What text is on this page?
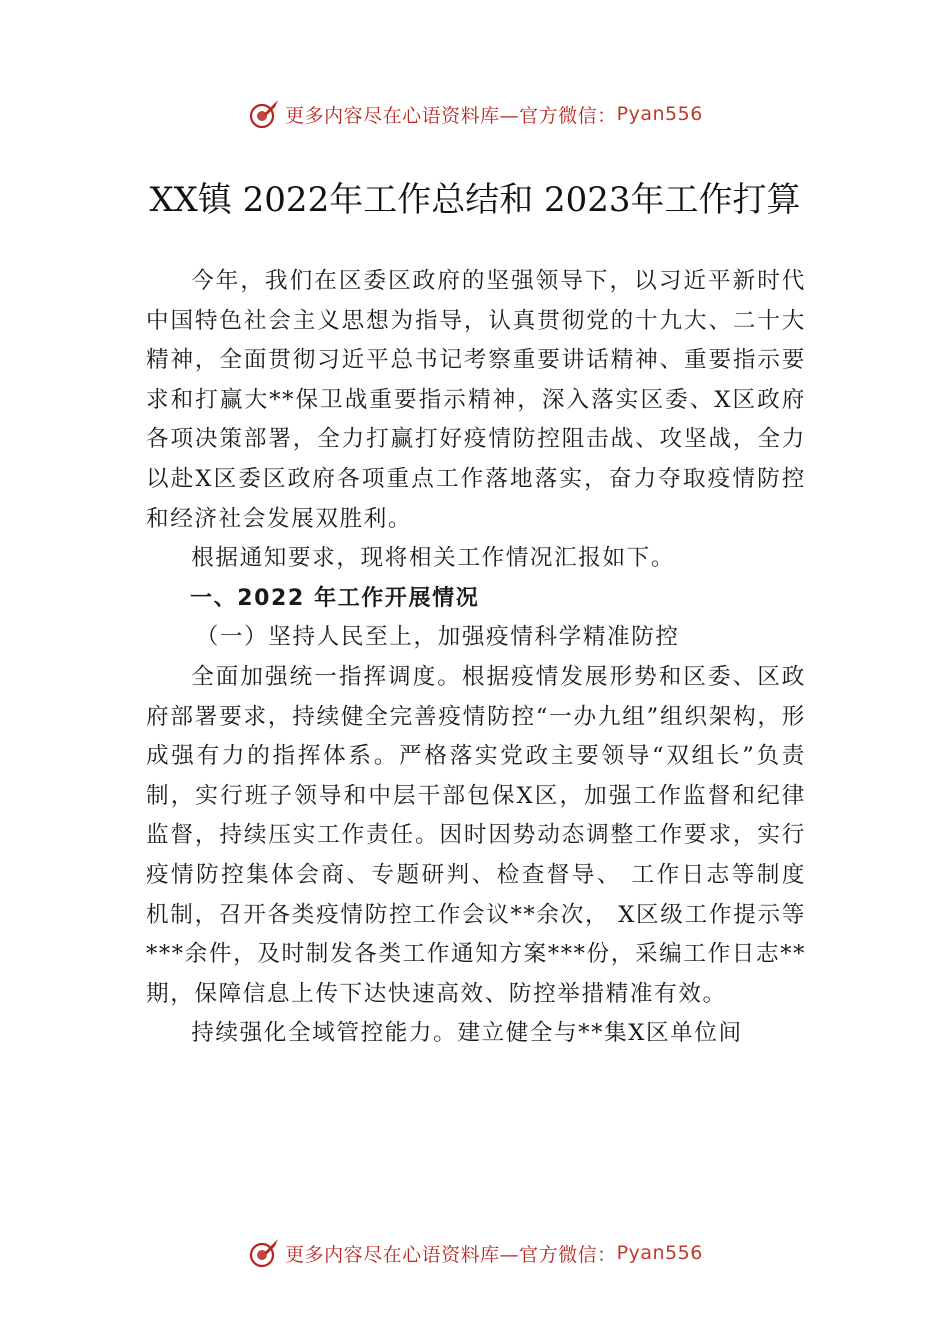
更多内容尽在心语资料库—官方微信： Pyan556
XX镇 2022年工作总结和 2023年工作打算

今年，我们在区委区政府的坚强领导下，以习近平新时代中国特色社会主义思想为指导，认真贯彻党的十九大、二十大精神，全面贯彻习近平总书记考察重要讲话精神、重要指示要求和打赢大**保卫战重要指示精神，深入落实区委、X区政府各项决策部署，全力打赢打好疫情防控阻击战、攻坚战，全力以赴X区委区政府各项重点工作落地落实，奋力夺取疫情防控和经济社会发展双胜利。

根据通知要求，现将相关工作情况汇报如下。

一、2022 年工作开展情况

（一）坚持人民至上，加强疫情科学精准防控

全面加强统一指挥调度。根据疫情发展形势和区委、区政府部署要求，持续健全完善疫情防控“一办九组”组织架构，形成强有力的指挥体系。严格落实党政主要领导“双组长”负责制，实行班子领导和中层干部包保X区，加强工作监督和纪律监督，持续压实工作责任。因时因势动态调整工作要求，实行疫情防控集体会商、专题研判、检查督导、 工作日志等制度机制，召开各类疫情防控工作会议**余次， X区级工作提示等***余件，及时制发各类工作通知方案***份，采编工作日志**期，保障信息上传下达快速高效、防控举措精准有效。

持续强化全域管控能力。建立健全与**集X区单位间

更多内容尽在心语资料库—官方微信： Pyan556
